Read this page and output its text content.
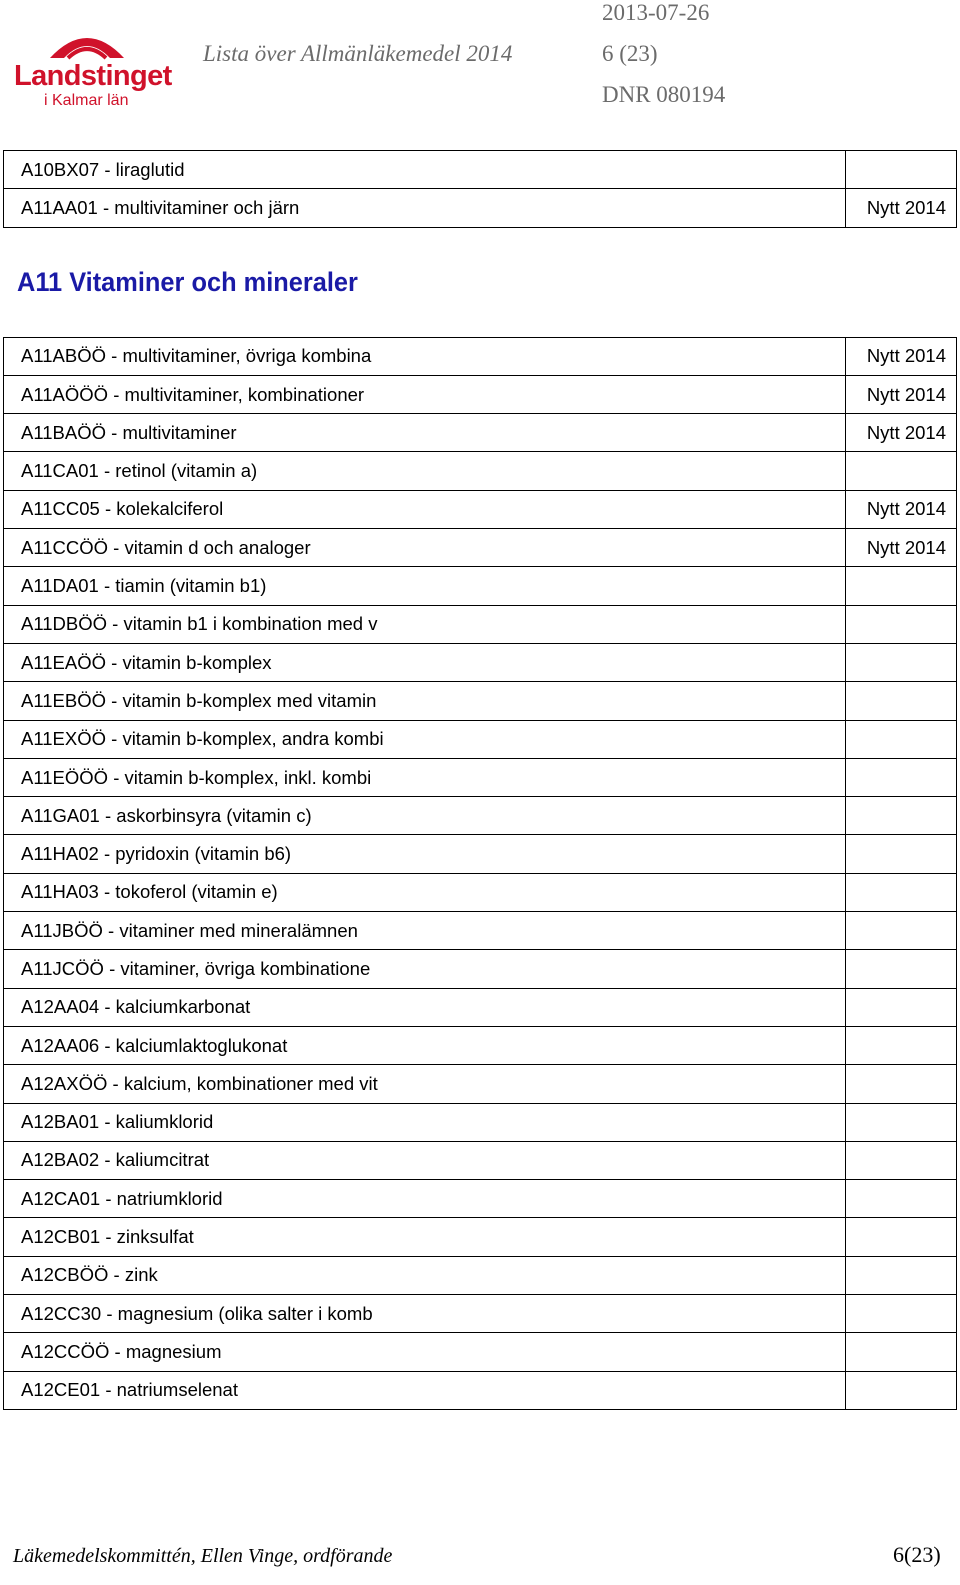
Landstinget
i Kalmar län
2013-07-26
Lista över Allmänläkemedel 2014	6 (23)
DNR 080194
A10BX07 - liraglutid	
A11AA01 - multivitaminer och järn	Nytt 2014
A11 Vitaminer och mineraler	
A11ABÖÖ - multivitaminer, övriga kombina	Nytt 2014
A11AÖÖÖ - multivitaminer, kombinationer	Nytt 2014
A11BAÖÖ - multivitaminer	Nytt 2014
A11CA01 - retinol (vitamin a)	
A11CC05 - kolekalciferol	Nytt 2014
A11CCÖÖ - vitamin d och analoger	Nytt 2014
A11DA01 - tiamin (vitamin b1)	
A11DBÖÖ - vitamin b1 i kombination med v	
A11EAÖÖ - vitamin b-komplex	
A11EBÖÖ - vitamin b-komplex med vitamin	
A11EXÖÖ - vitamin b-komplex, andra kombi	
A11EÖÖÖ - vitamin b-komplex, inkl. kombi	
A11GA01 - askorbinsyra (vitamin c)	
A11HA02 - pyridoxin (vitamin b6)	
A11HA03 - tokoferol (vitamin e)	
A11JBÖÖ - vitaminer med mineralämnen	
A11JCÖÖ - vitaminer, övriga kombinatione	
A12AA04 - kalciumkarbonat	
A12AA06 - kalciumlaktoglukonat	
A12AXÖÖ - kalcium, kombinationer med vit	
A12BA01 - kaliumklorid	
A12BA02 - kaliumcitrat	
A12CA01 - natriumklorid	
A12CB01 - zinksulfat	
A12CBÖÖ - zink	
A12CC30 - magnesium (olika salter i komb	
A12CCÖÖ - magnesium	
A12CE01 - natriumselenat	
Läkemedelskommittén, Ellen Vinge, ordförande	6(23)
